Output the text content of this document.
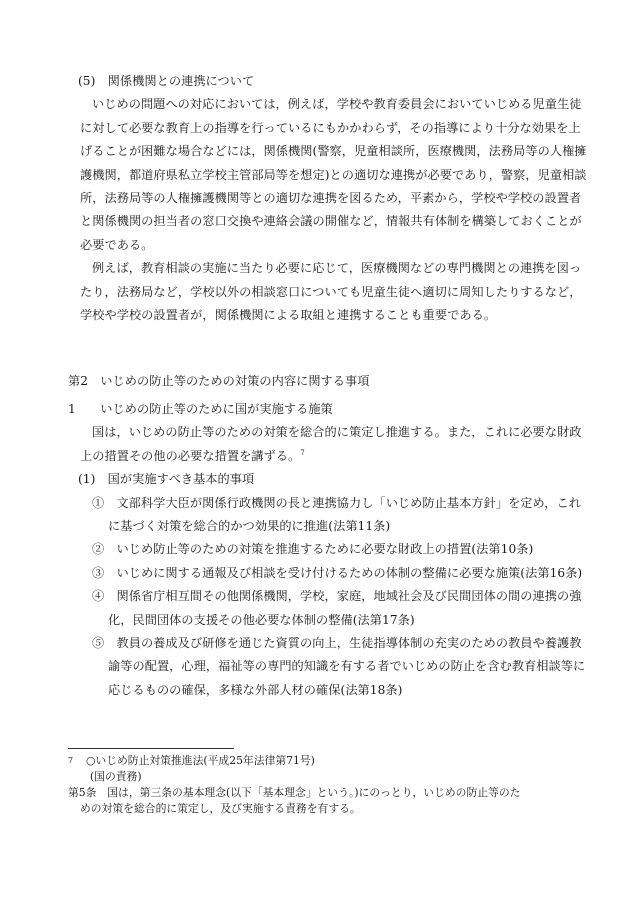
(5)　関係機関との連携について
いじめの問題への対応においては，例えば，学校や教育委員会においていじめる児童生徒
に対して必要な教育上の指導を行っているにもかかわらず，その指導により十分な効果を上
げることが困難な場合などには，関係機関(警察，児童相談所，医療機関，法務局等の人権擁
護機関，都道府県私立学校主管部局等を想定)との適切な連携が必要であり，警察，児童相談
所，法務局等の人権擁護機関等との適切な連携を図るため，平素から，学校や学校の設置者
と関係機関の担当者の窓口交換や連絡会議の開催など，情報共有体制を構築しておくことが
必要である。
例えば，教育相談の実施に当たり必要に応じて，医療機関などの専門機関との連携を図っ
たり，法務局など，学校以外の相談窓口についても児童生徒へ適切に周知したりするなど，
学校や学校の設置者が，関係機関による取組と連携することも重要である。
第2　いじめの防止等のための対策の内容に関する事項
1　　いじめの防止等のために国が実施する施策
国は，いじめの防止等のための対策を総合的に策定し推進する。また，これに必要な財政
上の措置その他の必要な措置を講ずる。$^7$
(1)　国が実施すべき基本的事項
①　文部科学大臣が関係行政機関の長と連携協力し「いじめ防止基本方針」を定め，これ
に基づく対策を総合的かつ効果的に推進(法第11条)
②　いじめ防止等のための対策を推進するために必要な財政上の措置(法第10条)
③　いじめに関する通報及び相談を受け付けるための体制の整備に必要な施策(法第16条)
④　関係省庁相互間その他関係機関，学校，家庭，地域社会及び民間団体の間の連携の強
化，民間団体の支援その他必要な体制の整備(法第17条)
⑤　教員の養成及び研修を通じた資質の向上，生徒指導体制の充実のための教員や養護教
諭等の配置，心理，福祉等の専門的知識を有する者でいじめの防止を含む教育相談等に
応じるものの確保，多様な外部人材の確保(法第18条)
7 ○いじめ防止対策推進法(平成25年法律第71号)
(国の責務)
第5条　国は，第三条の基本理念(以下「基本理念」という。)にのっとり，いじめの防止等のた
めの対策を総合的に策定し，及び実施する責務を有する。
